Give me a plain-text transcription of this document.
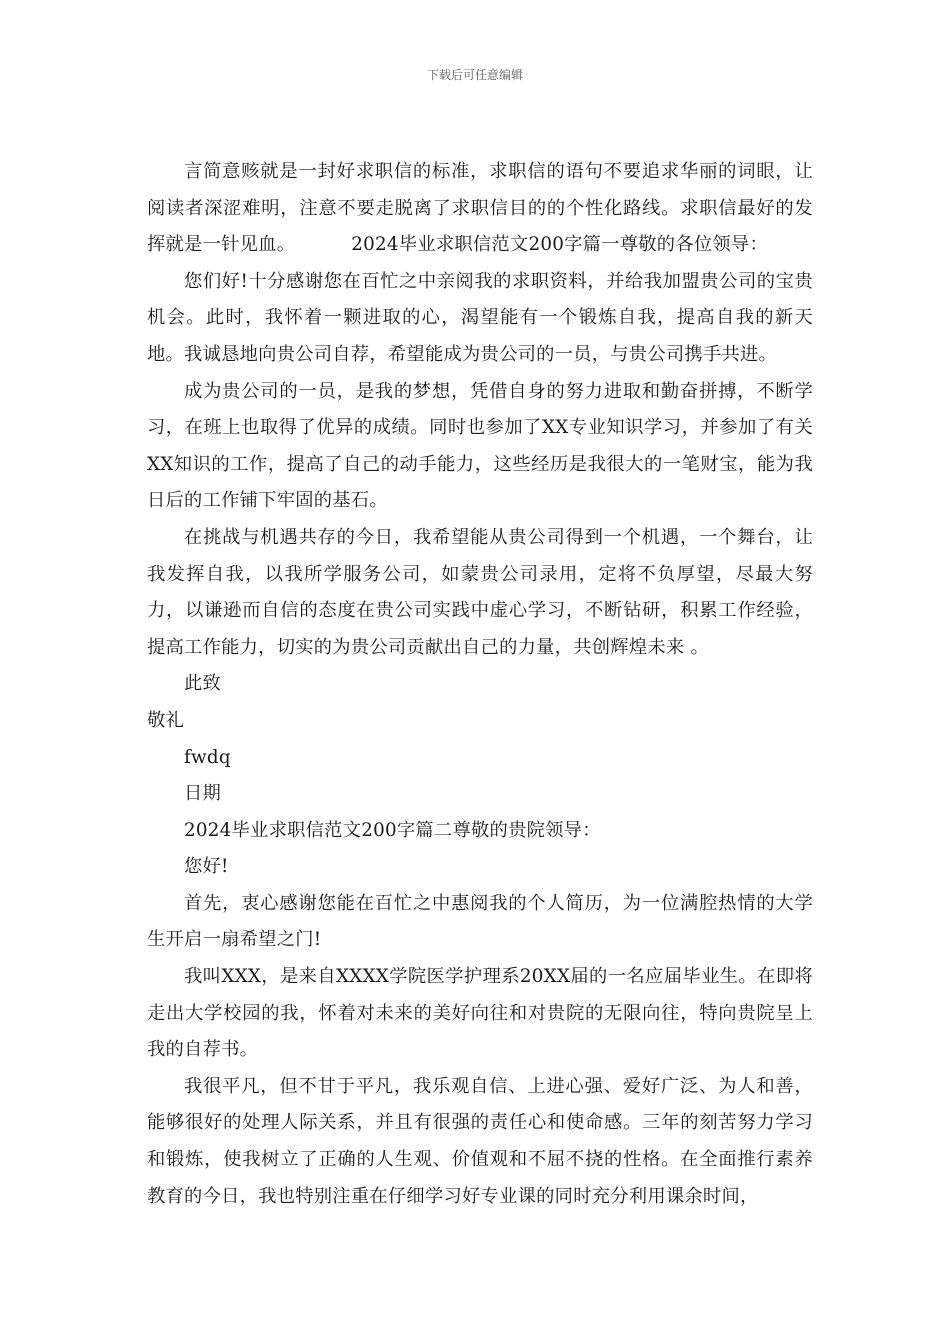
下载后可任意编辑

言简意赅就是一封好求职信的标准，求职信的语句不要追求华丽的词眼，让阅读者深涩难明，注意不要走脱离了求职信目的的个性化路线。求职信最好的发挥就是一针见血。	2024毕业求职信范文200字篇一尊敬的各位领导：

您们好!十分感谢您在百忙之中亲阅我的求职资料，并给我加盟贵公司的宝贵机会。此时，我怀着一颗进取的心，渴望能有一个锻炼自我，提高自我的新天地。我诚恳地向贵公司自荐，希望能成为贵公司的一员，与贵公司携手共进。

成为贵公司的一员，是我的梦想，凭借自身的努力进取和勤奋拼搏，不断学习，在班上也取得了优异的成绩。同时也参加了XX专业知识学习，并参加了有关XX知识的工作，提高了自己的动手能力，这些经历是我很大的一笔财宝，能为我日后的工作铺下牢固的基石。

在挑战与机遇共存的今日，我希望能从贵公司得到一个机遇，一个舞台，让我发挥自我，以我所学服务公司，如蒙贵公司录用，定将不负厚望，尽最大努力，以谦逊而自信的态度在贵公司实践中虚心学习，不断钻研，积累工作经验，提高工作能力，切实的为贵公司贡献出自己的力量，共创辉煌未来 。

此致

敬礼

fwdq

日期

2024毕业求职信范文200字篇二尊敬的贵院领导：

您好!

首先，衷心感谢您能在百忙之中惠阅我的个人简历，为一位满腔热情的大学生开启一扇希望之门!

我叫XXX，是来自XXXX学院医学护理系20XX届的一名应届毕业生。在即将走出大学校园的我，怀着对未来的美好向往和对贵院的无限向往，特向贵院呈上我的自荐书。

我很平凡，但不甘于平凡，我乐观自信、上进心强、爱好广泛、为人和善，能够很好的处理人际关系，并且有很强的责任心和使命感。三年的刻苦努力学习和锻炼，使我树立了正确的人生观、价值观和不屈不挠的性格。在全面推行素养教育的今日，我也特别注重在仔细学习好专业课的同时充分利用课余时间，
